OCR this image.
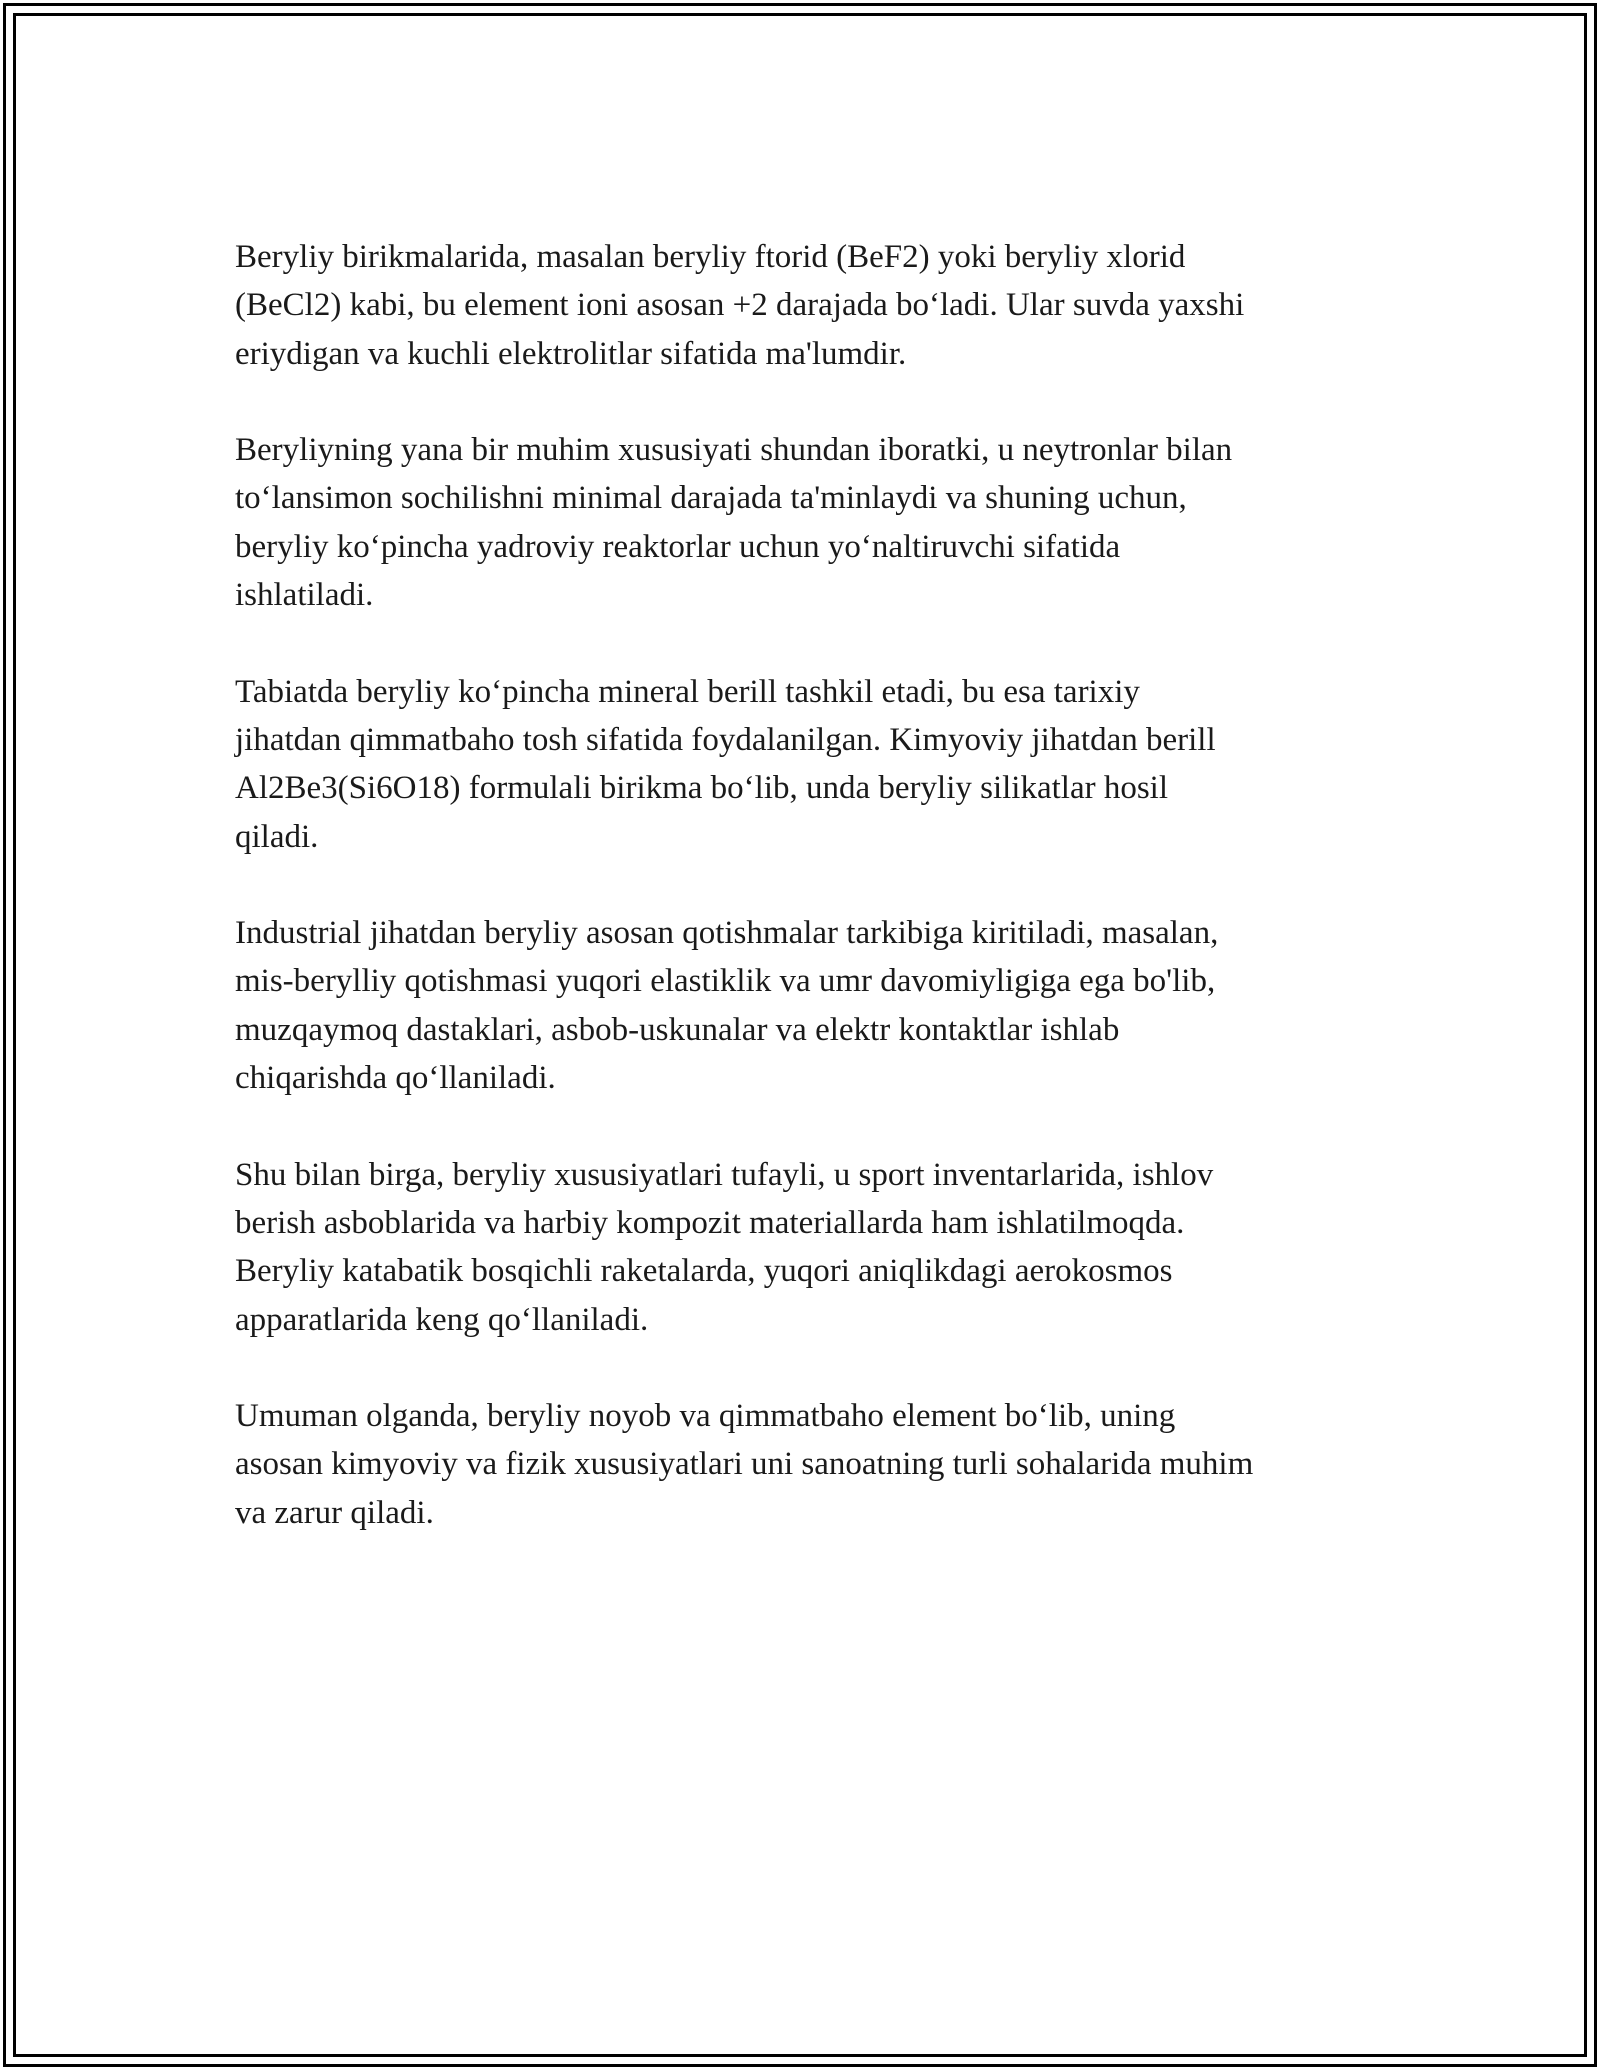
Beryliy birikmalarida, masalan beryliy ftorid (BeF2) yoki beryliy xlorid
(BeCl2) kabi, bu element ioni asosan +2 darajada bo‘ladi. Ular suvda yaxshi
eriydigan va kuchli elektrolitlar sifatida ma'lumdir.

Beryliyning yana bir muhim xususiyati shundan iboratki, u neytronlar bilan
to‘lansimon sochilishni minimal darajada ta'minlaydi va shuning uchun,
beryliy ko‘pincha yadroviy reaktorlar uchun yo‘naltiruvchi sifatida
ishlatiladi.

Tabiatda beryliy ko‘pincha mineral berill tashkil etadi, bu esa tarixiy
jihatdan qimmatbaho tosh sifatida foydalanilgan. Kimyoviy jihatdan berill
Al2Be3(Si6O18) formulali birikma bo‘lib, unda beryliy silikatlar hosil
qiladi.

Industrial jihatdan beryliy asosan qotishmalar tarkibiga kiritiladi, masalan,
mis-berylliy qotishmasi yuqori elastiklik va umr davomiyligiga ega bo'lib,
muzqaymoq dastaklari, asbob-uskunalar va elektr kontaktlar ishlab
chiqarishda qo‘llaniladi.

Shu bilan birga, beryliy xususiyatlari tufayli, u sport inventarlarida, ishlov
berish asboblarida va harbiy kompozit materiallarda ham ishlatilmoqda.
Beryliy katabatik bosqichli raketalarda, yuqori aniqlikdagi aerokosmos
apparatlarida keng qo‘llaniladi.

Umuman olganda, beryliy noyob va qimmatbaho element bo‘lib, uning
asosan kimyoviy va fizik xususiyatlari uni sanoatning turli sohalarida muhim
va zarur qiladi.
